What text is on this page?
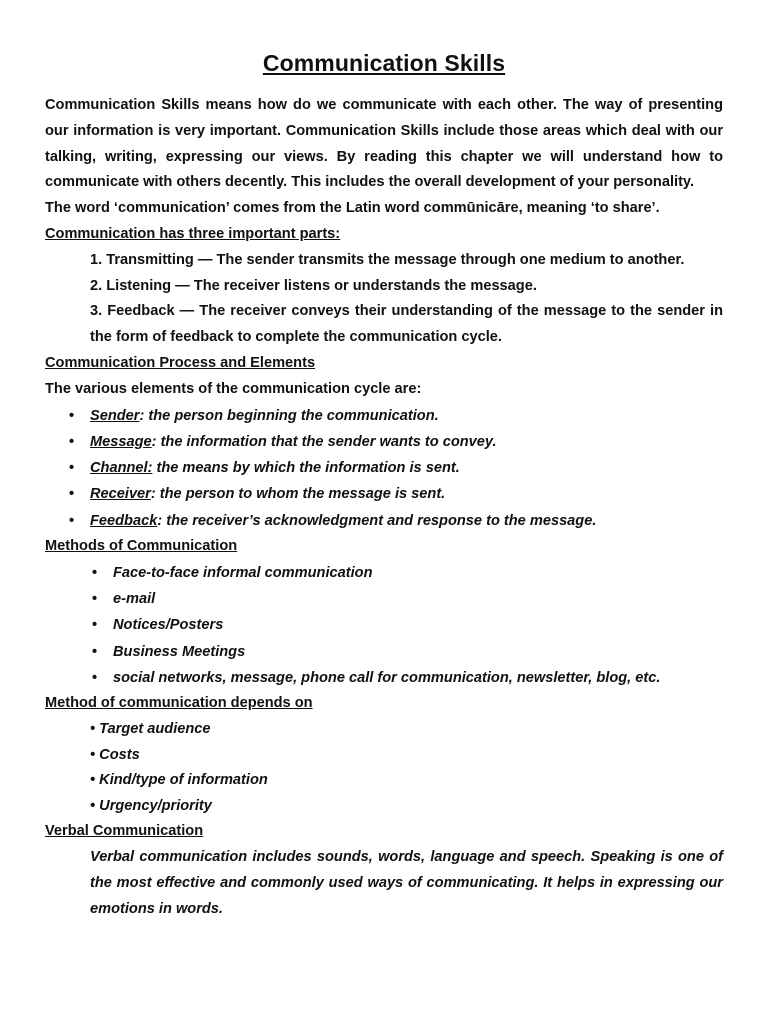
Communication Skills

Communication Skills means how do we communicate with each other. The way of presenting our information is very important. Communication Skills include those areas which deal with our talking, writing, expressing our views. By reading this chapter we will understand how to communicate with others decently. This includes the overall development of your personality.

The word ‘communication’ comes from the Latin word commūnicāre, meaning ‘to share’.

Communication has three important parts:

1. Transmitting — The sender transmits the message through one medium to another.

2. Listening — The receiver listens or understands the message.

3. Feedback — The receiver conveys their understanding of the message to the sender in the form of feedback to complete the communication cycle.

Communication Process and Elements

The various elements of the communication cycle are:

• Sender: the person beginning the communication.
• Message: the information that the sender wants to convey.
• Channel: the means by which the information is sent.
• Receiver: the person to whom the message is sent.
• Feedback: the receiver’s acknowledgment and response to the message.

Methods of Communication

• Face-to-face informal communication
• e-mail
• Notices/Posters
• Business Meetings
• social networks, message, phone call for communication, newsletter, blog, etc.

Method of communication depends on

• Target audience

• Costs

• Kind/type of information

• Urgency/priority

Verbal Communication

Verbal communication includes sounds, words, language and speech. Speaking is one of the most effective and commonly used ways of communicating. It helps in expressing our emotions in words.
